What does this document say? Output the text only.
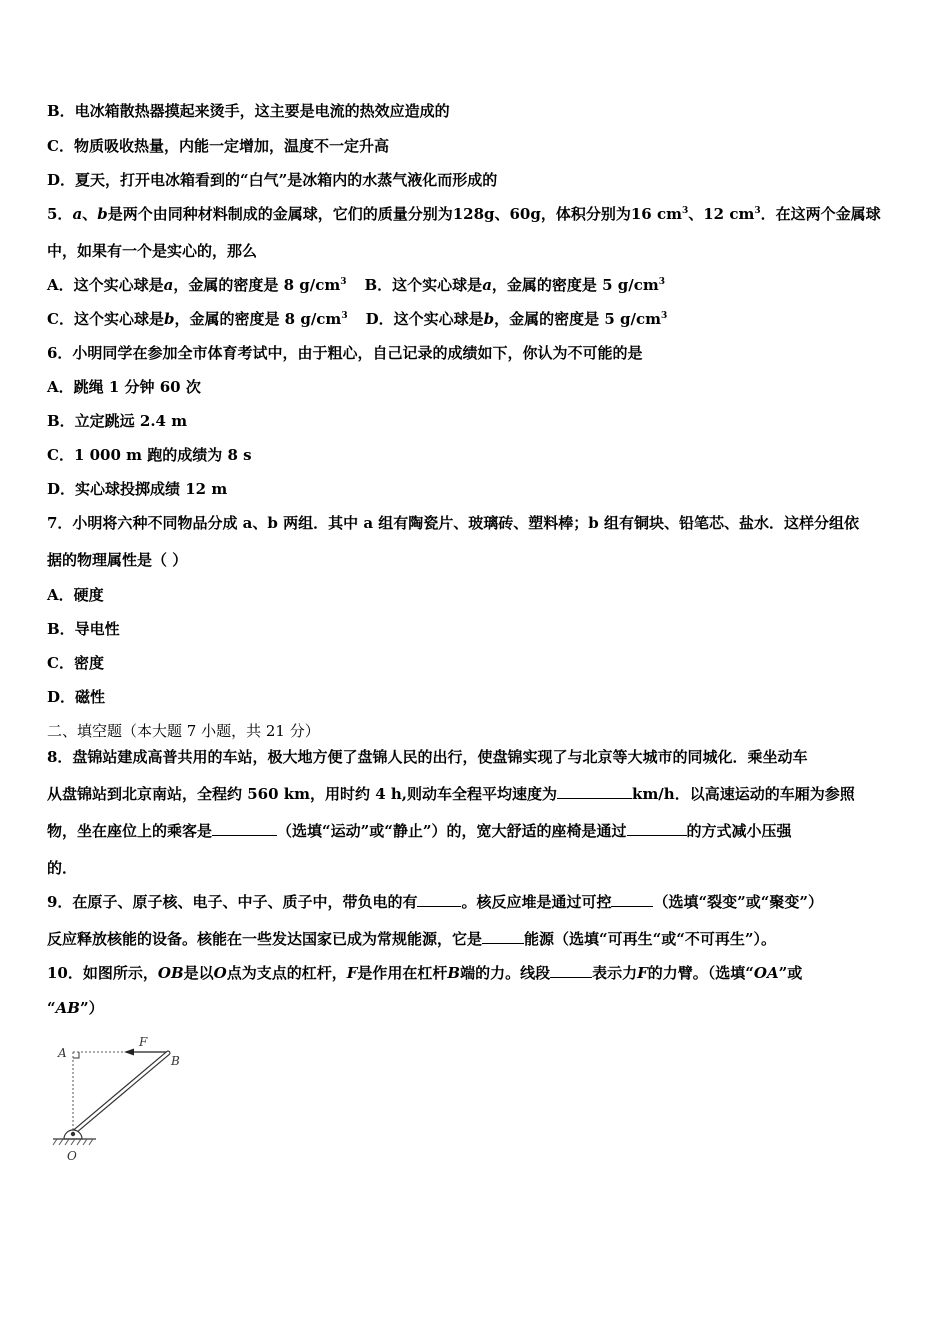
B．电冰箱散热器摸起来烫手，这主要是电流的热效应造成的
C．物质吸收热量，内能一定增加，温度不一定升高
D．夏天，打开电冰箱看到的“白气”是冰箱内的水蒸气液化而形成的
5．a、b是两个由同种材料制成的金属球，它们的质量分别为128g、60g，体积分别为16 $cm^3$、12 $cm^3$．在这两个金属球
中，如果有一个是实心的，那么
A．这个实心球是a，金属的密度是 8 $g/cm^3$ B．这个实心球是a，金属的密度是 5 $g/cm^3$
C．这个实心球是b，金属的密度是 8 $g/cm^3$ D．这个实心球是b，金属的密度是 5 $g/cm^3$
6．小明同学在参加全市体育考试中，由于粗心，自己记录的成绩如下，你认为不可能的是
A．跳绳 1 分钟 60 次
B．立定跳远 2.4 m
C．1 000 m 跑的成绩为 8 s
D．实心球投掷成绩 12 m
7．小明将六种不同物品分成 a、b 两组．其中 a 组有陶瓷片、玻璃砖、塑料棒；b 组有铜块、铅笔芯、盐水．这样分组依
据的物理属性是（ ）
A．硬度
B．导电性
C．密度
D．磁性
二、填空题（本大题 7 小题，共 21 分）
8．盘锦站建成高普共用的车站，极大地方便了盘锦人民的出行，使盘锦实现了与北京等大城市的同城化．乘坐动车
从盘锦站到北京南站，全程约 560 km，用时约 4 h,则动车全程平均速度为	km/h．以高速运动的车厢为参照
物，坐在座位上的乘客是	（选填“运动”或“静止”）的，宽大舒适的座椅是通过	的方式减小压强
的．
9．在原子、原子核、电子、中子、质子中，带负电的有	。核反应堆是通过可控	（选填“裂变”或“聚变”）
反应释放核能的设备。核能在一些发达国家已成为常规能源，它是	能源（选填“可再生“或“不可再生”）。
10．如图所示，OB是以O点为支点的杠杆，F是作用在杠杆B端的力。线段	表示力F的力臂。（选填“OA”或
“AB”）
A
F
B
O
